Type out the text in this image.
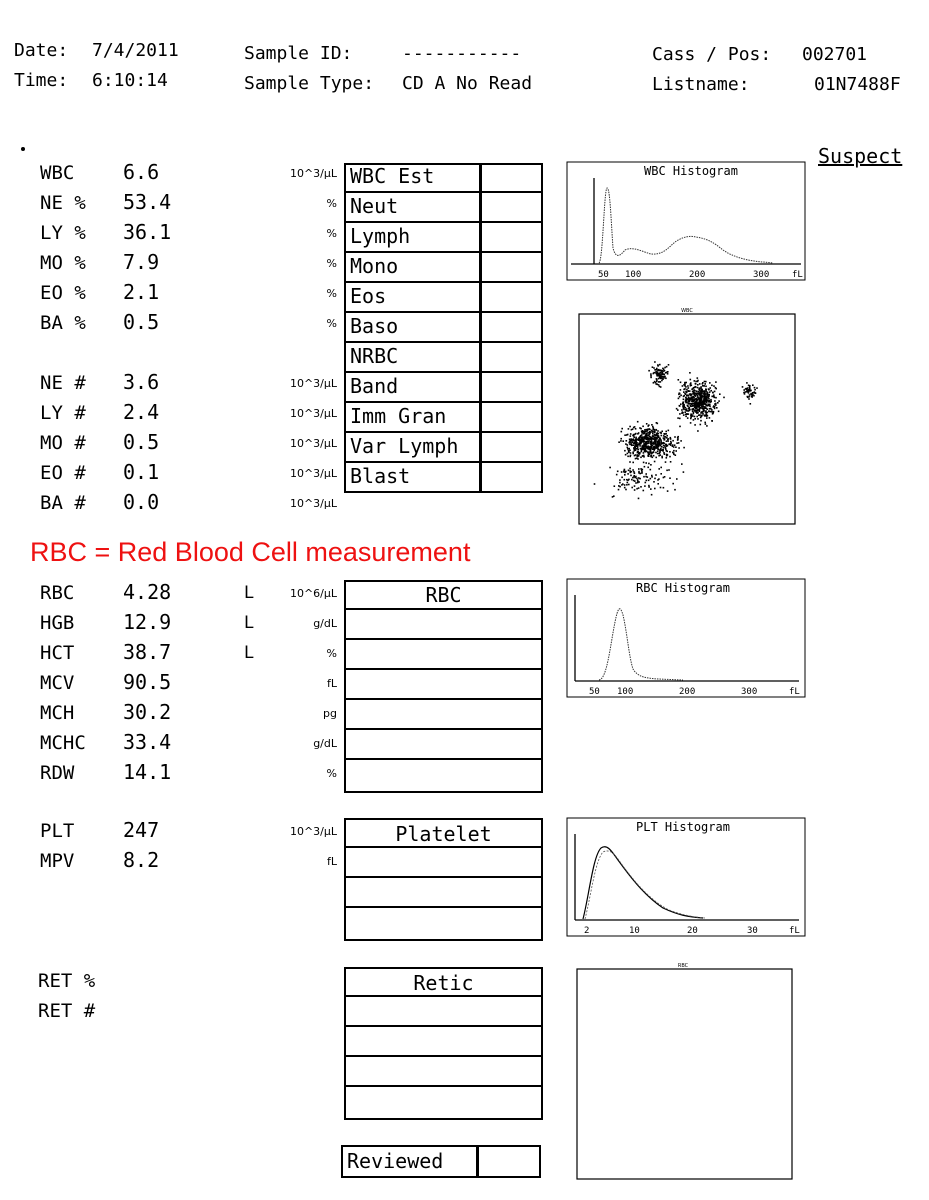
Date: 7/4/2011
Time: 6:10:14
Sample ID:	-----------
Sample Type: CD A No Read
Cass / Pos: 002701
Listname:	01N7488F
Suspect
WBC 6.6	10^3/µL
NE % 53.4	%
LY % 36.1	%
MO % 7.9	%
EO % 2.1	%
BA % 0.5	%
NE # 3.6	10^3/µL
LY # 2.4	10^3/µL
MO # 0.5	10^3/µL
EO # 0.1	10^3/µL
BA # 0.0	10^3/µL
WBC Est
Neut
Lymph
Mono
Eos
Baso
NRBC
Band
Imm Gran
Var Lymph
Blast
WBC Histogram
50 100	200	300	fL
WBC
RBC = Red Blood Cell measurement
RBC 4.28	L	10^6/µL
HGB 12.9	L	g/dL
HCT 38.7	L	%
MCV 90.5	fL
MCH 30.2	pg
MCHC 33.4	g/dL
RDW 14.1	%
RBC	RBC Histogram
50 100	200	300	fL
PLT 247	10^3/µL
MPV 8.2	fL
Platelet	PLT Histogram
2	10	20	30	fL
RET %
RET #
Retic
RBC
Reviewed
